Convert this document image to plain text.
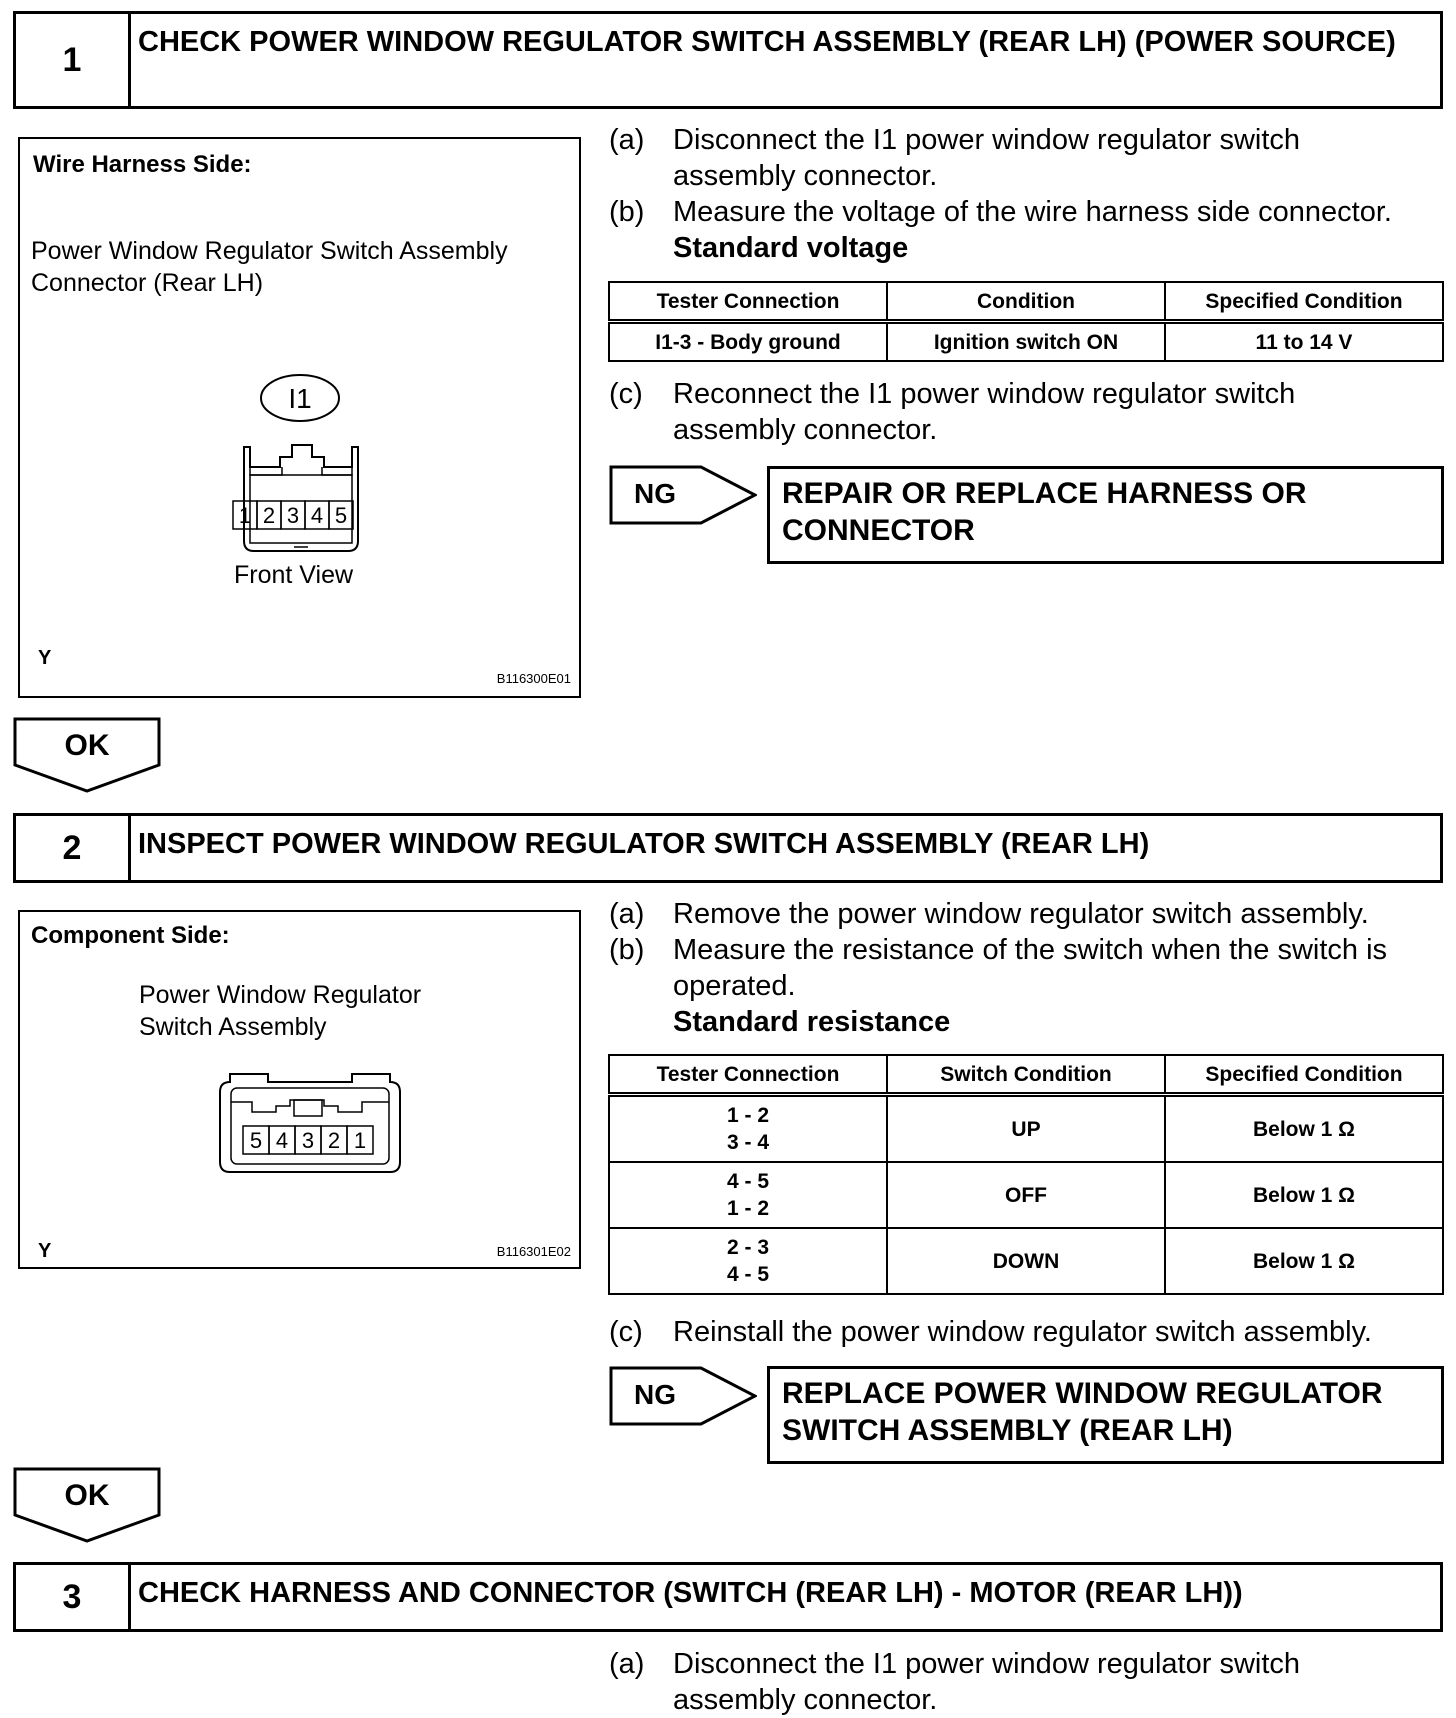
1	CHECK POWER WINDOW REGULATOR SWITCH ASSEMBLY (REAR LH) (POWER SOURCE)
Wire Harness Side:
Power Window Regulator Switch Assembly
Connector (Rear LH)
I1
1 2 3 4 5
Front View
Y
B116300E01
(a) Disconnect the I1 power window regulator switch
assembly connector.
(b) Measure the voltage of the wire harness side connector.
Standard voltage
Tester Connection	Condition	Specified Condition
I1-3 - Body ground	Ignition switch ON	11 to 14 V
(c) Reconnect the I1 power window regulator switch
assembly connector.
NG	REPAIR OR REPLACE HARNESS OR
CONNECTOR
OK
2	INSPECT POWER WINDOW REGULATOR SWITCH ASSEMBLY (REAR LH)
Component Side:
Power Window Regulator
Switch Assembly
5 4 3 2 1
Y	B116301E02
(a) Remove the power window regulator switch assembly.
(b) Measure the resistance of the switch when the switch is
operated.
Standard resistance
Tester Connection	Switch Condition	Specified Condition

1 - 2
3 - 4	UP	Below 1 Ω

4 - 5
1 - 2	OFF	Below 1 Ω

2 - 3
4 - 5	DOWN	Below 1 Ω
(c) Reinstall the power window regulator switch assembly.
NG	REPLACE POWER WINDOW REGULATOR
SWITCH ASSEMBLY (REAR LH)
OK
3	CHECK HARNESS AND CONNECTOR (SWITCH (REAR LH) - MOTOR (REAR LH))
(a) Disconnect the I1 power window regulator switch
assembly connector.
